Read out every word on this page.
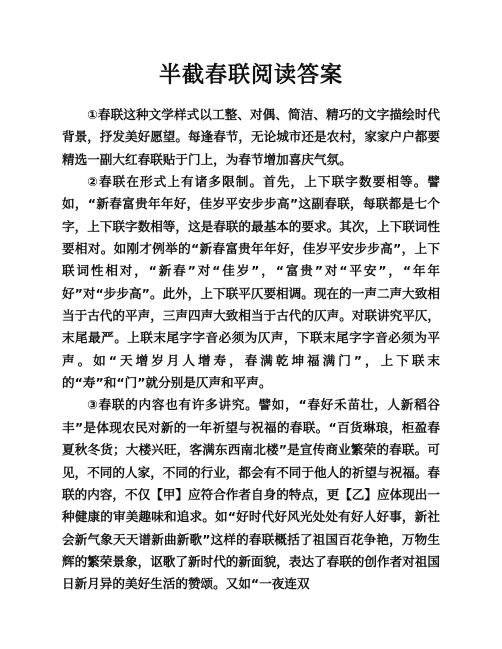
半截春联阅读答案

①春联这种文学样式以工整、对偶、简洁、精巧的文字描绘时代背景，抒发美好愿望。每逢春节，无论城市还是农村，家家户户都要精选一副大红春联贴于门上，为春节增加喜庆气氛。

②春联在形式上有诸多限制。首先，上下联字数要相等。譬如，“新春富贵年年好，佳岁平安步步高”这副春联，每联都是七个字，上下联字数相等，这是春联的最基本的要求。其次，上下联词性要相对。如刚才例举的“新春富贵年年好，佳岁平安步步高”，上下联词性相对，“新春”对“佳岁”，“富贵”对“平安”，“年年好”对“步步高”。此外，上下联平仄要相调。现在的一声二声大致相当于古代的平声，三声四声大致相当于古代的仄声。对联讲究平仄，末尾最严。上联末尾字字音必须为仄声，下联末尾字字音必须为平声。如“天增岁月人增寿，春满乾坤福满门”，上下联末的“寿”和“门”就分别是仄声和平声。

③春联的内容也有许多讲究。譬如，“春好禾苗壮，人新稻谷丰”是体现农民对新的一年祈望与祝福的春联。“百货琳琅，柜盈春夏秋冬货；大楼兴旺，客满东西南北楼”是宣传商业繁荣的春联。可见，不同的人家，不同的行业，都会有不同于他人的祈望与祝福。春联的内容，不仅【甲】应符合作者自身的特点，更【乙】应体现出一种健康的审美趣味和追求。如“好时代好风光处处有好人好事，新社会新气象天天谱新曲新歌”这样的春联概括了祖国百花争艳，万物生辉的繁荣景象，讴歌了新时代的新面貌，表达了春联的创作者对祖国日新月异的美好生活的赞颂。又如“一夜连双
